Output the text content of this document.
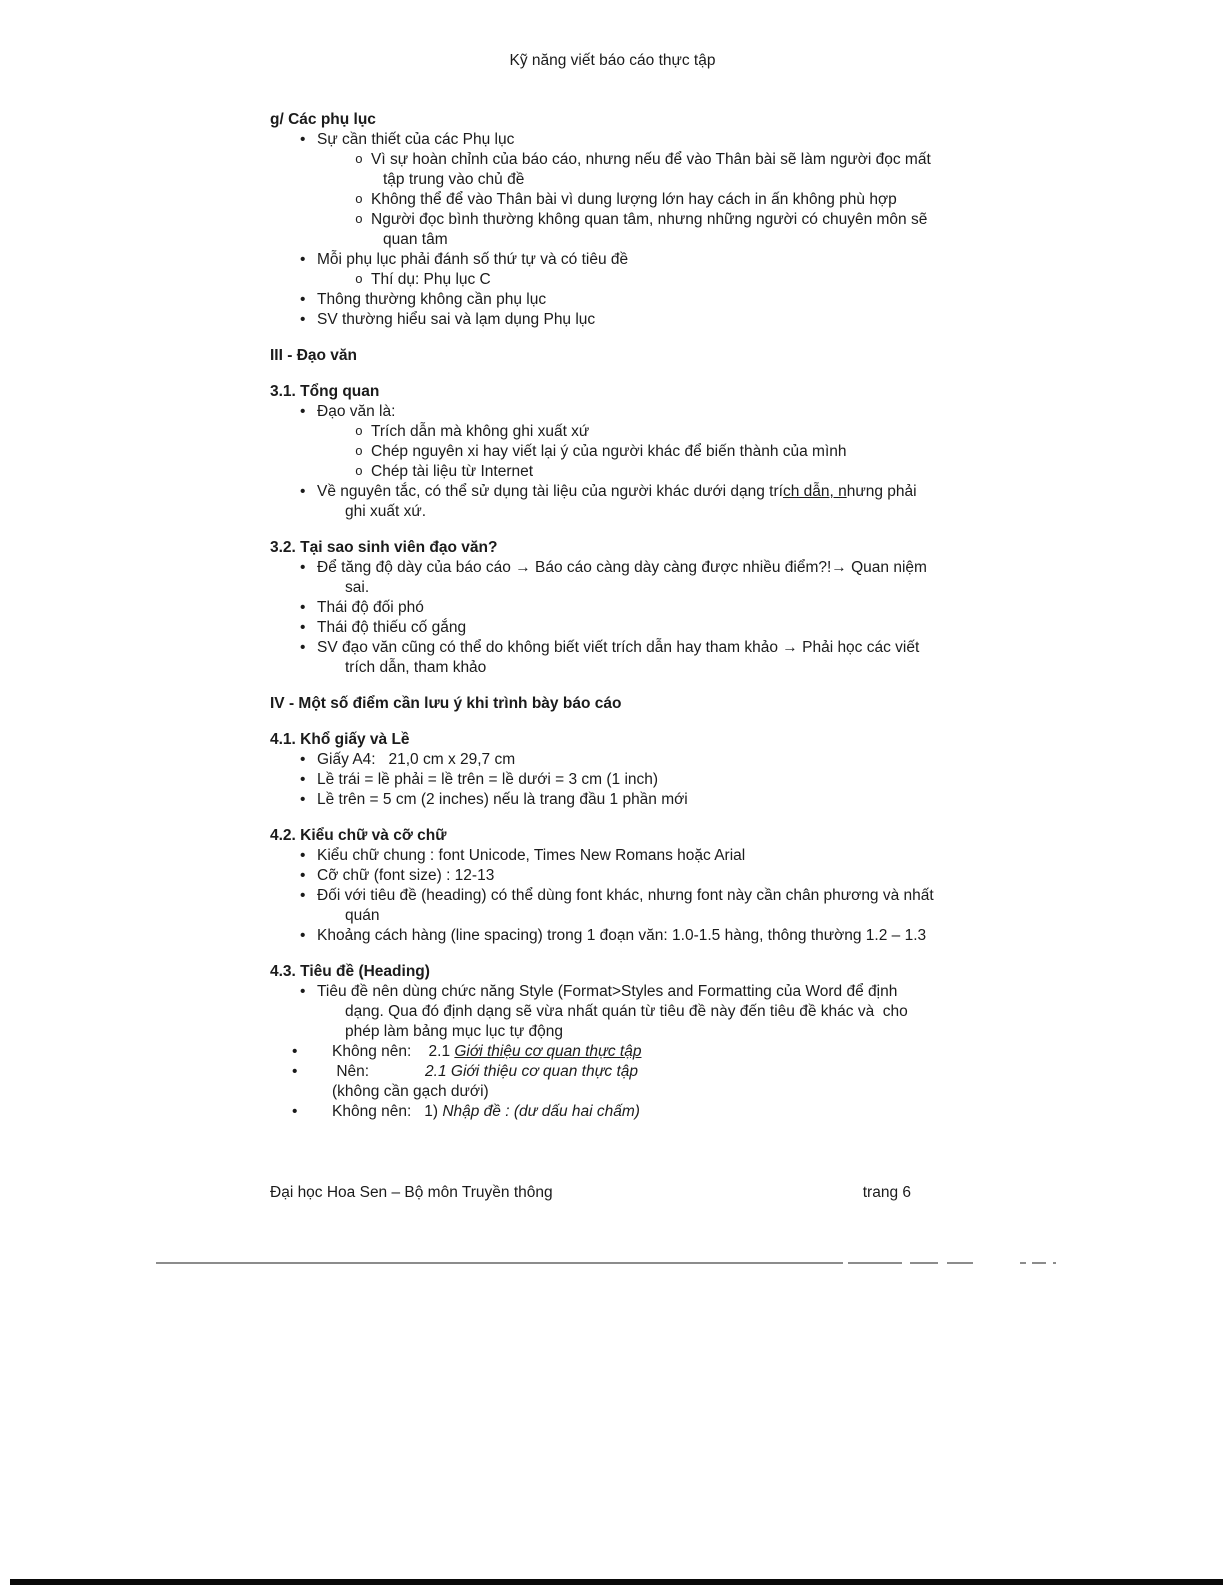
Kỹ năng viết báo cáo thực tập
g/ Các phụ lục
• Sự cần thiết của các Phụ lục
o Vì sự hoàn chỉnh của báo cáo, nhưng nếu để vào Thân bài sẽ làm người đọc mất tập trung vào chủ đề
o Không thể để vào Thân bài vì dung lượng lớn hay cách in ấn không phù hợp
o Người đọc bình thường không quan tâm, nhưng những người có chuyên môn sẽ quan tâm
• Mỗi phụ lục phải đánh số thứ tự và có tiêu đề
o Thí dụ: Phụ lục C
• Thông thường không cần phụ lục
• SV thường hiểu sai và lạm dụng Phụ lục
III - Đạo văn
3.1. Tổng quan
• Đạo văn là:
o Trích dẫn mà không ghi xuất xứ
o Chép nguyên xi hay viết lại ý của người khác để biến thành của mình
o Chép tài liệu từ Internet
• Về nguyên tắc, có thể sử dụng tài liệu của người khác dưới dạng trích dẫn, nhưng phải ghi xuất xứ.
3.2. Tại sao sinh viên đạo văn?
• Để tăng độ dày của báo cáo → Báo cáo càng dày càng được nhiều điểm?!→ Quan niệm sai.
• Thái độ đối phó
• Thái độ thiếu cố gắng
• SV đạo văn cũng có thể do không biết viết trích dẫn hay tham khảo → Phải học các viết trích dẫn, tham khảo
IV - Một số điểm cần lưu ý khi trình bày báo cáo
4.1. Khổ giấy và Lề
• Giấy A4:   21,0 cm x 29,7 cm
• Lề trái = lề phải = lề trên = lề dưới = 3 cm (1 inch)
• Lề trên = 5 cm (2 inches) nếu là trang đầu 1 phần mới
4.2. Kiểu chữ và cỡ chữ
• Kiểu chữ chung : font Unicode, Times New Romans hoặc Arial
• Cỡ chữ (font size) : 12-13
• Đối với tiêu đề (heading) có thể dùng font khác, nhưng font này cần chân phương và nhất quán
• Khoảng cách hàng (line spacing) trong 1 đoạn văn: 1.0-1.5 hàng, thông thường 1.2 – 1.3
4.3. Tiêu đề (Heading)
• Tiêu đề nên dùng chức năng Style (Format>Styles and Formatting của Word để định dạng. Qua đó định dạng sẽ vừa nhất quán từ tiêu đề này đến tiêu đề khác và  cho phép làm bảng mục lục tự động
• Không nên:    2.1 Giới thiệu cơ quan thực tập
• Nên:             2.1 Giới thiệu cơ quan thực tập
(không cần gạch dưới)
• Không nên:   1) Nhập đề : (dư dấu hai chấm)
Đại học Hoa Sen – Bộ môn Truyền thông	trang 6
